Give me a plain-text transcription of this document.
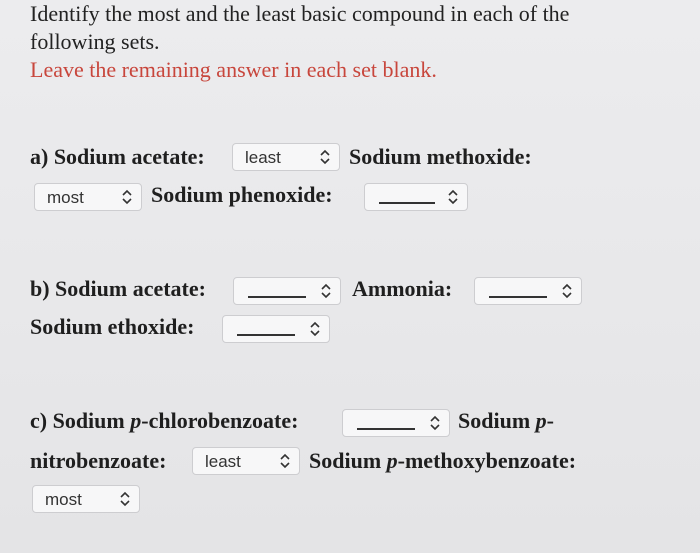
Identify the most and the least basic compound in each of the
following sets.
Leave the remaining answer in each set blank.
a) Sodium acetate: least	Sodium methoxide:
most	Sodium phenoxide:
b) Sodium acetate:	Ammonia:
Sodium ethoxide:
c) Sodium p-chlorobenzoate:	Sodium p-
nitrobenzoate: least	Sodium p-methoxybenzoate:
most
